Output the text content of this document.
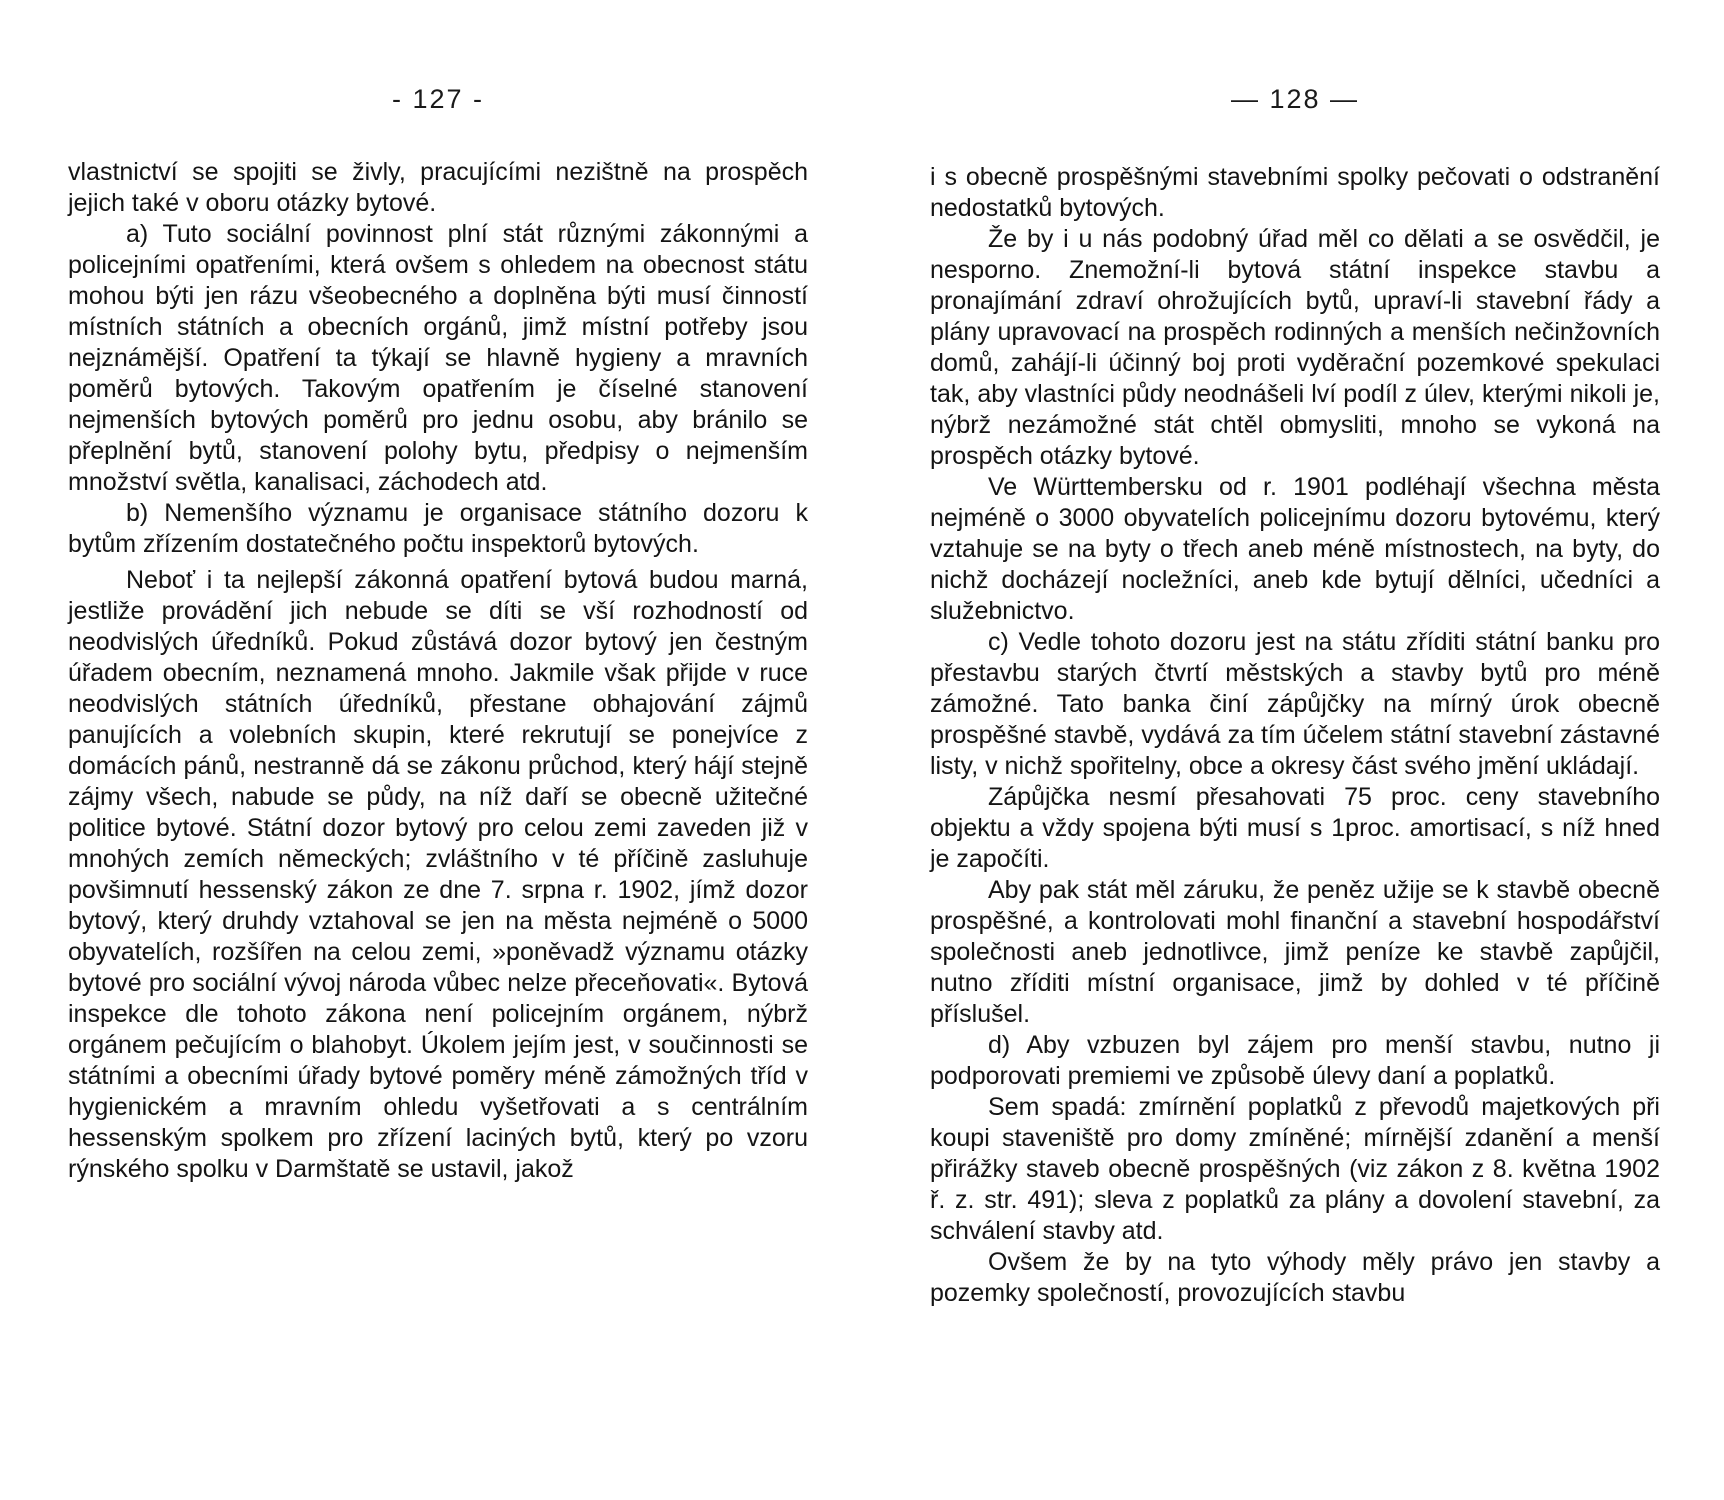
- 127 -

vlastnictví se spojiti se živly, pracujícími nezištně na prospěch jejich také v oboru otázky bytové.

a) Tuto sociální povinnost plní stát různými zákonnými a policejními opatřeními, která ovšem s ohledem na obecnost státu mohou býti jen rázu všeobecného a doplněna býti musí činností místních státních a obecních orgánů, jimž místní potřeby jsou nejznámější. Opatření ta týkají se hlavně hygieny a mravních poměrů bytových. Takovým opatřením je číselné stanovení nejmenších bytových poměrů pro jednu osobu, aby bránilo se přeplnění bytů, stanovení polohy bytu, předpisy o nejmenším množství světla, kanalisaci, záchodech atd.

b) Nemenšího významu je organisace státního dozoru k bytům zřízením dostatečného počtu inspektorů bytových.

Neboť i ta nejlepší zákonná opatření bytová budou marná, jestliže provádění jich nebude se díti se vší rozhodností od neodvislých úředníků. Pokud zůstává dozor bytový jen čestným úřadem obecním, neznamená mnoho. Jakmile však přijde v ruce neodvislých státních úředníků, přestane obhajování zájmů panujících a volebních skupin, které rekrutují se ponejvíce z domácích pánů, nestranně dá se zákonu průchod, který hájí stejně zájmy všech, nabude se půdy, na níž daří se obecně užitečné politice bytové. Státní dozor bytový pro celou zemi zaveden již v mnohých zemích německých; zvláštního v té příčině zasluhuje povšimnutí hessenský zákon ze dne 7. srpna r. 1902, jímž dozor bytový, který druhdy vztahoval se jen na města nejméně o 5000 obyvatelích, rozšířen na celou zemi, »poněvadž významu otázky bytové pro sociální vývoj národa vůbec nelze přeceňovati«. Bytová inspekce dle tohoto zákona není policejním orgánem, nýbrž orgánem pečujícím o blahobyt. Úkolem jejím jest, v součinnosti se státními a obecními úřady bytové poměry méně zámožných tříd v hygienickém a mravním ohledu vyšetřovati a s centrálním hessenským spolkem pro zřízení laciných bytů, který po vzoru rýnského spolku v Darmštatě se ustavil, jakož

— 128 —

i s obecně prospěšnými stavebními spolky pečovati o odstranění nedostatků bytových.

Že by i u nás podobný úřad měl co dělati a se osvědčil, je nesporno. Znemožní-li bytová státní inspekce stavbu a pronajímání zdraví ohrožujících bytů, upraví-li stavební řády a plány upravovací na prospěch rodinných a menších nečinžovních domů, zahájí-li účinný boj proti vyděrační pozemkové spekulaci tak, aby vlastníci půdy neodnášeli lví podíl z úlev, kterými nikoli je, nýbrž nezámožné stát chtěl obmysliti, mnoho se vykoná na prospěch otázky bytové.

Ve Württembersku od r. 1901 podléhají všechna města nejméně o 3000 obyvatelích policejnímu dozoru bytovému, který vztahuje se na byty o třech aneb méně místnostech, na byty, do nichž docházejí nocležníci, aneb kde bytují dělníci, učedníci a služebnictvo.

c) Vedle tohoto dozoru jest na státu zříditi státní banku pro přestavbu starých čtvrtí městských a stavby bytů pro méně zámožné. Tato banka činí zápůjčky na mírný úrok obecně prospěšné stavbě, vydává za tím účelem státní stavební zástavné listy, v nichž spořitelny, obce a okresy část svého jmění ukládají.

Zápůjčka nesmí přesahovati 75 proc. ceny stavebního objektu a vždy spojena býti musí s 1proc. amortisací, s níž hned je započíti.

Aby pak stát měl záruku, že peněz užije se k stavbě obecně prospěšné, a kontrolovati mohl finanční a stavební hospodářství společnosti aneb jednotlivce, jimž peníze ke stavbě zapůjčil, nutno zříditi místní organisace, jimž by dohled v té příčině příslušel.

d) Aby vzbuzen byl zájem pro menší stavbu, nutno ji podporovati premiemi ve způsobě úlevy daní a poplatků.

Sem spadá: zmírnění poplatků z převodů majetkových při koupi staveniště pro domy zmíněné; mírnější zdanění a menší přirážky staveb obecně prospěšných (viz zákon z 8. května 1902 ř. z. str. 491); sleva z poplatků za plány a dovolení stavební, za schválení stavby atd.

Ovšem že by na tyto výhody měly právo jen stavby a pozemky společností, provozujících stavbu
